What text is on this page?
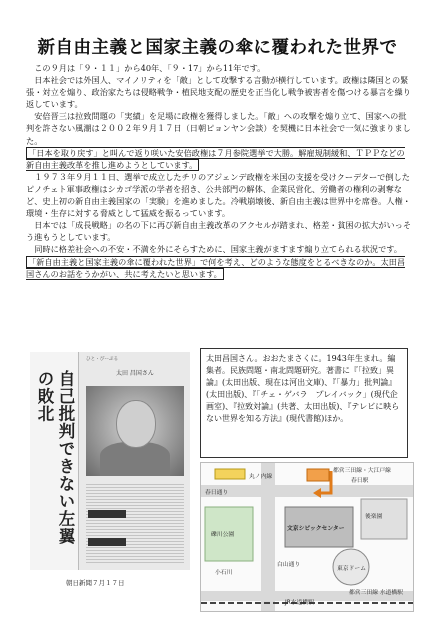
新自由主義と国家主義の傘に覆われた世界で

この９月は「９・１１」から40年、「９・17」から11年です。

日本社会では外国人、マイノリティを「敵」として攻撃する言動が横行しています。政権は隣国との緊張・対立を煽り、政治家たちは侵略戦争・植民地支配の歴史を正当化し戦争被害者を傷つける暴言を繰り返しています。

安倍晋三は拉致問題の「実績」を足場に政権を獲得しました。「敵」への攻撃を煽り立て、国家への批判を許さない風潮は２００２年９月１７日（日朝ピョンヤン会談）を契機に日本社会で一気に強まりました。

「日本を取り戻す」と叫んで返り咲いた安倍政権は７月参院選挙で大勝。解雇規制緩和、ＴＰＰなどの新自由主義改革を推し進めようとしています。

１９７３年９月１１日、選挙で成立したチリのアジェンデ政権を米国の支援を受けクーデターで倒したピノチェト軍事政権はシカゴ学派の学者を招き、公共部門の解体、企業民営化、労働者の権利の剥奪など、史上初の新自由主義国家の「実験」を進めました。冷戦崩壊後、新自由主義は世界中を席巻。人権・環境・生存に対する脅威として猛威を振るっています。

日本では「成長戦略」の名の下に再び新自由主義改革のアクセルが踏まれ、格差・貧困の拡大がいっそう進もうとしています。

同時に格差社会への不安・不満を外にそらすために、国家主義がますます煽り立てられる状況です。

「新自由主義と国家主義の傘に覆われた世界」で何を考え、どのような態度をとるべきなのか。太田昌国さんのお話をうかがい、共に考えたいと思います。

自己批判できない左翼の敗北
ひと・ぴーぷる
太田 昌国さん
朝日新聞７月１７日
太田昌国さん。おおたまさくに。1943年生まれ。編集者。民族問題・南北問題研究。著書に『「拉致」異論』(太田出版、現在は河出文庫)、『「暴力」批判論』(太田出版)、『「チェ・ゲバラ　プレイバック」(現代企画室)、『拉致対論』(共著、太田出版)、『テレビに映らない世界を知る方法』(現代書館)ほか。
都営三田線・大江戸線
春日駅
文京シビックセンター
礫川公園
春日通り
小石川
丸ノ内線
後楽園
白山通り
東京ドーム
都営三田線 水道橋駅
JR水道橋駅
